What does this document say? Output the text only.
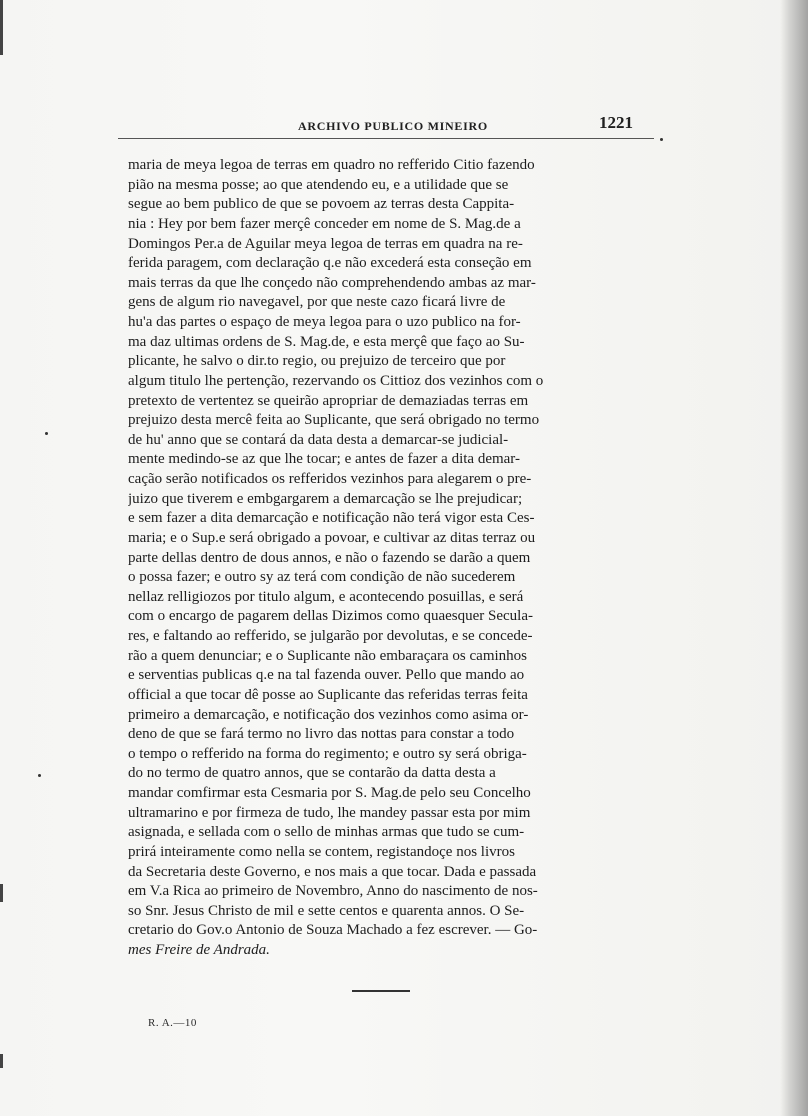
ARCHIVO PUBLICO MINEIRO	1221
maria de meya legoa de terras em quadro no refferido Citio fazendo
pião na mesma posse; ao que atendendo eu, e a utilidade que se
segue ao bem publico de que se povoem az terras desta Cappita-
nia : Hey por bem fazer merçê conceder em nome de S. Mag.de a
Domingos Per.a de Aguilar meya legoa de terras em quadra na re-
ferida paragem, com declaração q.e não excederá esta conseção em
mais terras da que lhe conçedo não comprehendendo ambas az mar-
gens de algum rio navegavel, por que neste cazo ficará livre de
hu'a das partes o espaço de meya legoa para o uzo publico na for-
ma daz ultimas ordens de S. Mag.de, e esta merçê que faço ao Su-
plicante, he salvo o dir.to regio, ou prejuizo de terceiro que por
algum titulo lhe pertenção, rezervando os Cittioz dos vezinhos com o
pretexto de vertentez se queirão apropriar de demaziadas terras em
prejuizo desta mercê feita ao Suplicante, que será obrigado no termo
de hu' anno que se contará da data desta a demarcar-se judicial-
mente medindo-se az que lhe tocar; e antes de fazer a dita demar-
cação serão notificados os refferidos vezinhos para alegarem o pre-
juizo que tiverem e embgargarem a demarcação se lhe prejudicar;
e sem fazer a dita demarcação e notificação não terá vigor esta Ces-
maria; e o Sup.e será obrigado a povoar, e cultivar az ditas terraz ou
parte dellas dentro de dous annos, e não o fazendo se darão a quem
o possa fazer; e outro sy az terá com condição de não sucederem
nellaz relligiozos por titulo algum, e acontecendo posuillas, e será
com o encargo de pagarem dellas Dizimos como quaesquer Secula-
res, e faltando ao refferido, se julgarão por devolutas, e se concede-
rão a quem denunciar; e o Suplicante não embaraçara os caminhos
e serventias publicas q.e na tal fazenda ouver. Pello que mando ao
official a que tocar dê posse ao Suplicante das referidas terras feita
primeiro a demarcação, e notificação dos vezinhos como asima or-
deno de que se fará termo no livro das nottas para constar a todo
o tempo o refferido na forma do regimento; e outro sy será obriga-
do no termo de quatro annos, que se contarão da datta desta a
mandar comfirmar esta Cesmaria por S. Mag.de pelo seu Concelho
ultramarino e por firmeza de tudo, lhe mandey passar esta por mim
asignada, e sellada com o sello de minhas armas que tudo se cum-
prirá inteiramente como nella se contem, registandoçe nos livros
da Secretaria deste Governo, e nos mais a que tocar. Dada e passada
em V.a Rica ao primeiro de Novembro, Anno do nascimento de nos-
so Snr. Jesus Christo de mil e sette centos e quarenta annos. O Se-
cretario do Gov.o Antonio de Souza Machado a fez escrever. — Go-
mes Freire de Andrada.
R. A.—10
